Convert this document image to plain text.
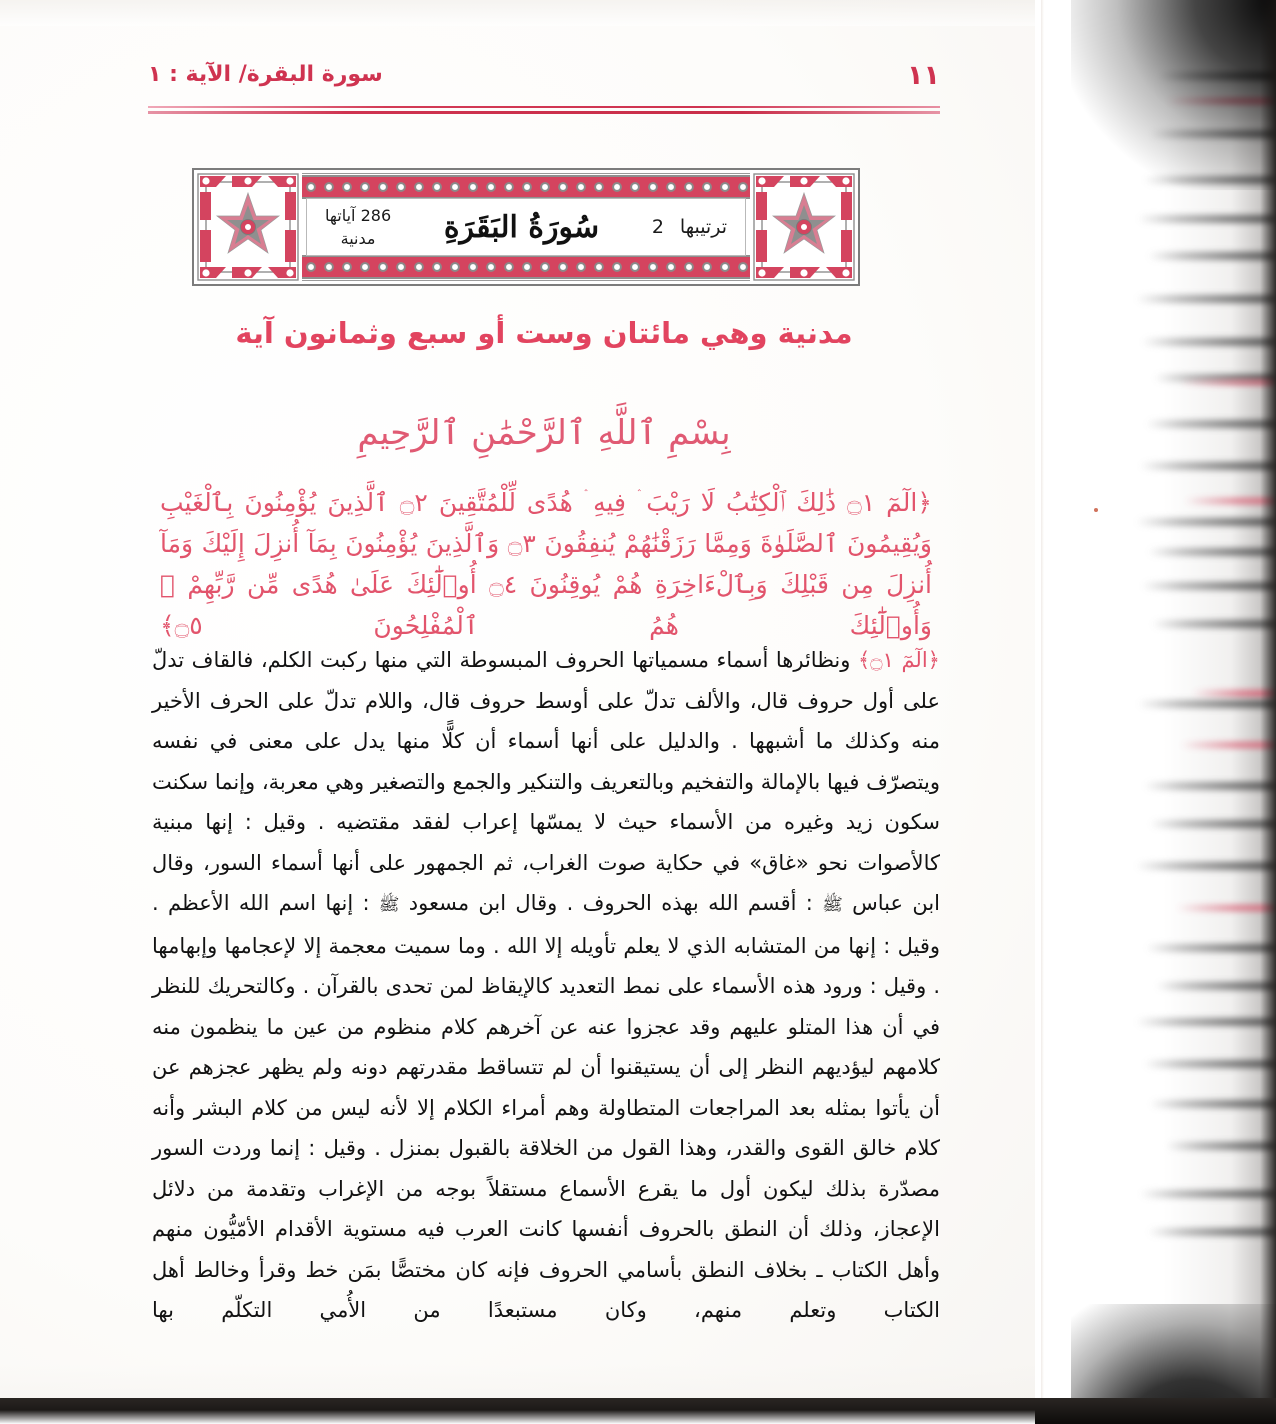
١١
سورة البقرة/ الآية : ١
ترتيبها
2
سُورَةُ البَقَرَةِ
286 آياتها
مدنية
مدنية وهي مائتان وست أو سبع وثمانون آية
بِسْمِ ٱللَّهِ ٱلرَّحْمَٰنِ ٱلرَّحِيمِ
﴿الٓمٓ ۝١ ذَٰلِكَ ٱلْكِتَٰبُ لَا رَيْبَ ۛ فِيهِ ۛ هُدًى لِّلْمُتَّقِينَ ۝٢ ٱلَّذِينَ يُؤْمِنُونَ بِٱلْغَيْبِ وَيُقِيمُونَ ٱلصَّلَوٰةَ وَمِمَّا رَزَقْنَٰهُمْ يُنفِقُونَ ۝٣ وَٱلَّذِينَ يُؤْمِنُونَ بِمَآ أُنزِلَ إِلَيْكَ وَمَآ أُنزِلَ مِن قَبْلِكَ وَبِٱلْءَاخِرَةِ هُمْ يُوقِنُونَ ۝٤ أُو۟لَٰٓئِكَ عَلَىٰ هُدًى مِّن رَّبِّهِمْ ۖ وَأُو۟لَٰٓئِكَ هُمُ ٱلْمُفْلِحُونَ ۝٥﴾
﴿الٓمٓ ۝١﴾ ونظائرها أسماء مسمياتها الحروف المبسوطة التي منها ركبت الكلم، فالقاف تدلّ على أول حروف قال، والألف تدلّ على أوسط حروف قال، واللام تدلّ على الحرف الأخير منه وكذلك ما أشبهها . والدليل على أنها أسماء أن كلًّا منها يدل على معنى في نفسه ويتصرّف فيها بالإمالة والتفخيم وبالتعريف والتنكير والجمع والتصغير وهي معربة، وإنما سكنت سكون زيد وغيره من الأسماء حيث لا يمسّها إعراب لفقد مقتضيه . وقيل : إنها مبنية كالأصوات نحو «غاق» في حكاية صوت الغراب، ثم الجمهور على أنها أسماء السور، وقال ابن عباس ﷺ : أقسم الله بهذه الحروف . وقال ابن مسعود ﷺ : إنها اسم الله الأعظم . وقيل : إنها من المتشابه الذي لا يعلم تأويله إلا الله . وما سميت معجمة إلا لإعجامها وإبهامها . وقيل : ورود هذه الأسماء على نمط التعديد كالإيقاظ لمن تحدى بالقرآن . وكالتحريك للنظر في أن هذا المتلو عليهم وقد عجزوا عنه عن آخرهم كلام منظوم من عين ما ينظمون منه كلامهم ليؤديهم النظر إلى أن يستيقنوا أن لم تتساقط مقدرتهم دونه ولم يظهر عجزهم عن أن يأتوا بمثله بعد المراجعات المتطاولة وهم أمراء الكلام إلا لأنه ليس من كلام البشر وأنه كلام خالق القوى والقدر، وهذا القول من الخلاقة بالقبول بمنزل . وقيل : إنما وردت السور مصدّرة بذلك ليكون أول ما يقرع الأسماع مستقلاً بوجه من الإغراب وتقدمة من دلائل الإعجاز، وذلك أن النطق بالحروف أنفسها كانت العرب فيه مستوية الأقدام الأمّيُّون منهم وأهل الكتاب ـ بخلاف النطق بأسامي الحروف فإنه كان مختصًّا بمَن خط وقرأ وخالط أهل الكتاب وتعلم منهم، وكان مستبعدًا من الأُمي التكلّم بها
